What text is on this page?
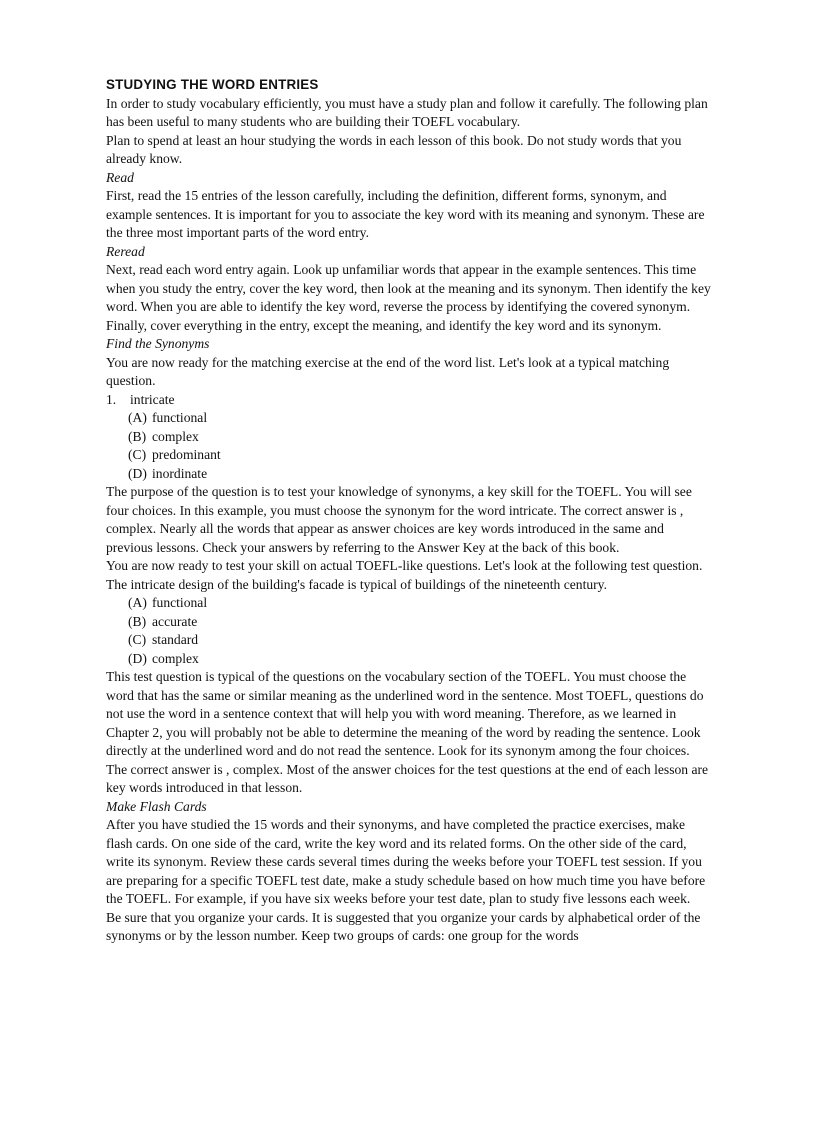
STUDYING THE WORD ENTRIES

In order to study vocabulary efficiently, you must have a study plan and follow it carefully. The following plan has been useful to many students who are building their TOEFL vocabulary.

Plan to spend at least an hour studying the words in each lesson of this book. Do not study words that you already know.

Read

First, read the 15 entries of the lesson carefully, including the definition, different forms, synonym, and example sentences. It is important for you to associate the key word with its meaning and synonym. These are the three most important parts of the word entry.

Reread

Next, read each word entry again. Look up unfamiliar words that appear in the example sentences. This time when you study the entry, cover the key word, then look at the meaning and its synonym. Then identify the key word. When you are able to identify the key word, reverse the process by identifying the covered synonym. Finally, cover everything in the entry, except the meaning, and identify the key word and its synonym.

Find the Synonyms

You are now ready for the matching exercise at the end of the word list. Let's look at a typical matching question.

1.	intricate
(A) functional
(B) complex
(C) predominant
(D) inordinate

The purpose of the question is to test your knowledge of synonyms, a key skill for the TOEFL. You will see four choices. In this example, you must choose the synonym for the word intricate. The correct answer is , complex. Nearly all the words that appear as answer choices are key words introduced in the same and previous lessons. Check your answers by referring to the Answer Key at the back of this book.

You are now ready to test your skill on actual TOEFL-like questions. Let's look at the following test question.

The intricate design of the building's facade is typical of buildings of the nineteenth century.

(A) functional
(B) accurate
(C) standard
(D) complex

This test question is typical of the questions on the vocabulary section of the TOEFL. You must choose the word that has the same or similar meaning as the underlined word in the sentence. Most TOEFL, questions do not use the word in a sentence context that will help you with word meaning. Therefore, as we learned in Chapter 2, you will probably not be able to determine the meaning of the word by reading the sentence. Look directly at the underlined word and do not read the sentence. Look for its synonym among the four choices. The correct answer is , complex. Most of the answer choices for the test questions at the end of each lesson are key words introduced in that lesson.

Make Flash Cards

After you have studied the 15 words and their synonyms, and have completed the practice exercises, make flash cards. On one side of the card, write the key word and its related forms. On the other side of the card, write its synonym. Review these cards several times during the weeks before your TOEFL test session. If you are preparing for a specific TOEFL test date, make a study schedule based on how much time you have before the TOEFL. For example, if you have six weeks before your test date, plan to study five lessons each week.

Be sure that you organize your cards. It is suggested that you organize your cards by alphabetical order of the synonyms or by the lesson number. Keep two groups of cards: one group for the words
